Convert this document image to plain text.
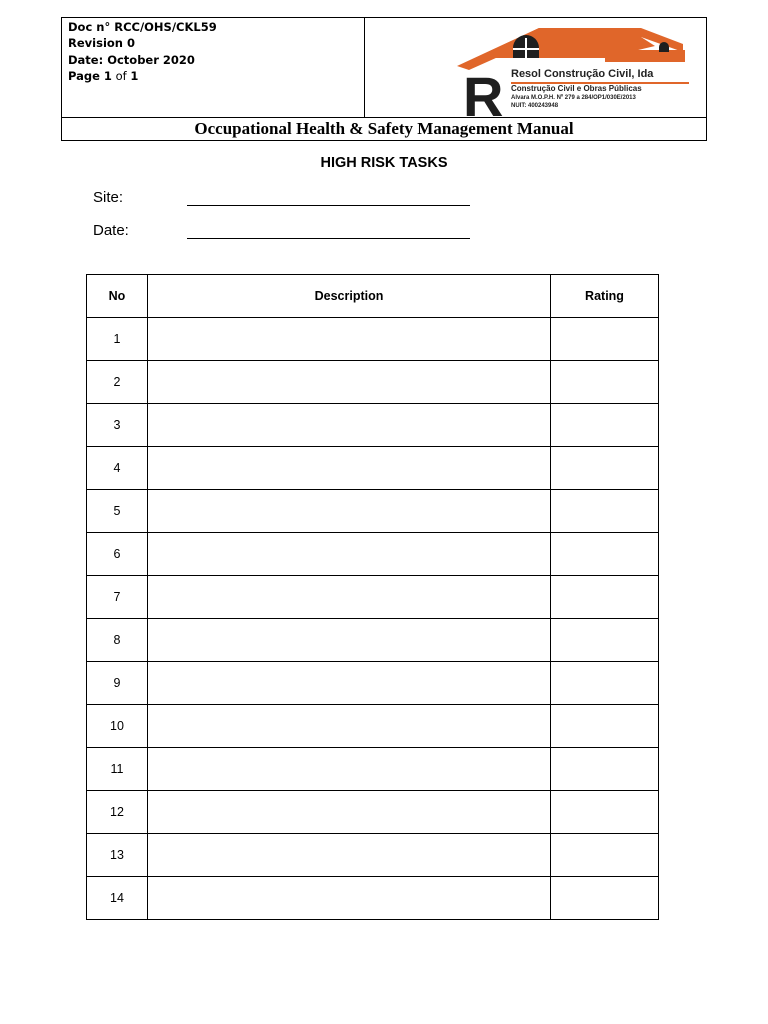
Doc n° RCC/OHS/CKL59
Revision 0
Date: October 2020
Page 1 of 1	R Resol Construção Civil, Ida
Construção Civil e Obras Públicas
Alvara M.O.P.H. Nº 279 a 284/OP1/030E/2013
NUIT: 400243948
Occupational Health & Safety Management Manual
HIGH RISK TASKS
Site:
Date:
No	Description	Rating
1		
2		
3		
4		
5		
6		
7		
8		
9		
10		
11		
12		
13		
14		
